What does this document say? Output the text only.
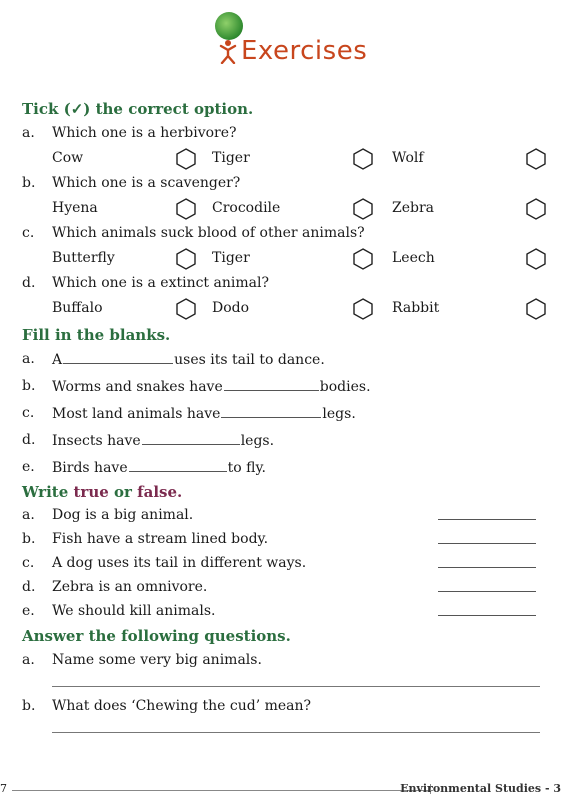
Exercises
Tick (✓) the correct option.
a. Which one is a herbivore?
Cow	Tiger	Wolf
b. Which one is a scavenger?
Hyena	Crocodile	Zebra
c. Which animals suck blood of other animals?
Butterfly	Tiger	Leech
d. Which one is a extinct animal?
Buffalo	Dodo	Rabbit
Fill in the blanks.
a. A	uses its tail to dance.
b. Worms and snakes have	bodies.
c. Most land animals have	legs.
d. Insects have	legs.
e. Birds have	to fly.
Write true or false.
a. Dog is a big animal.
b. Fish have a stream lined body.
c. A dog uses its tail in different ways.
d. Zebra is an omnivore.
e. We should kill animals.
Answer the following questions.
a. Name some very big animals.
b. What does ‘Chewing the cud’ mean?
7	Environmental Studies - 3
